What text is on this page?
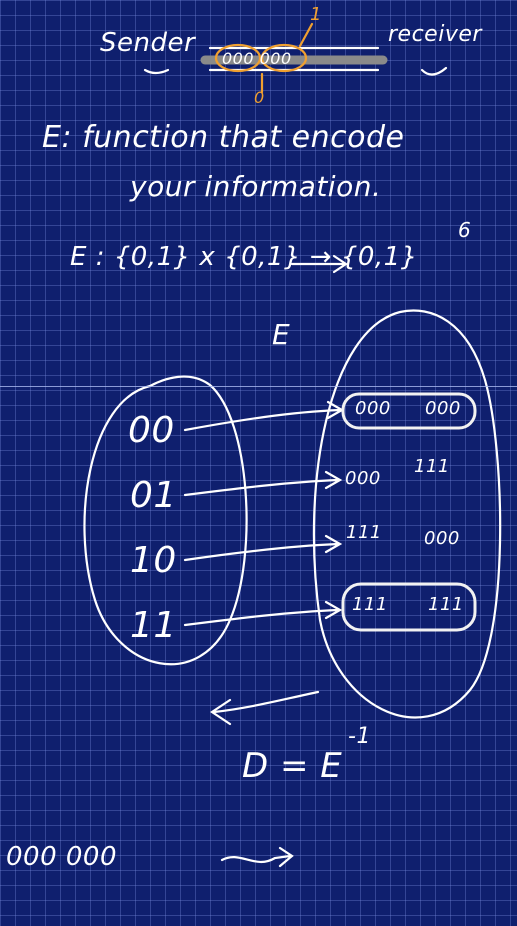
Sender	receiver
000 000
1
0
E: function that encode
your information.
E : {0,1} x {0,1} → {0,1}
6
E
00
01
10
11
000 000
000
111
111 000
111 111
D = E
-1
000 000
